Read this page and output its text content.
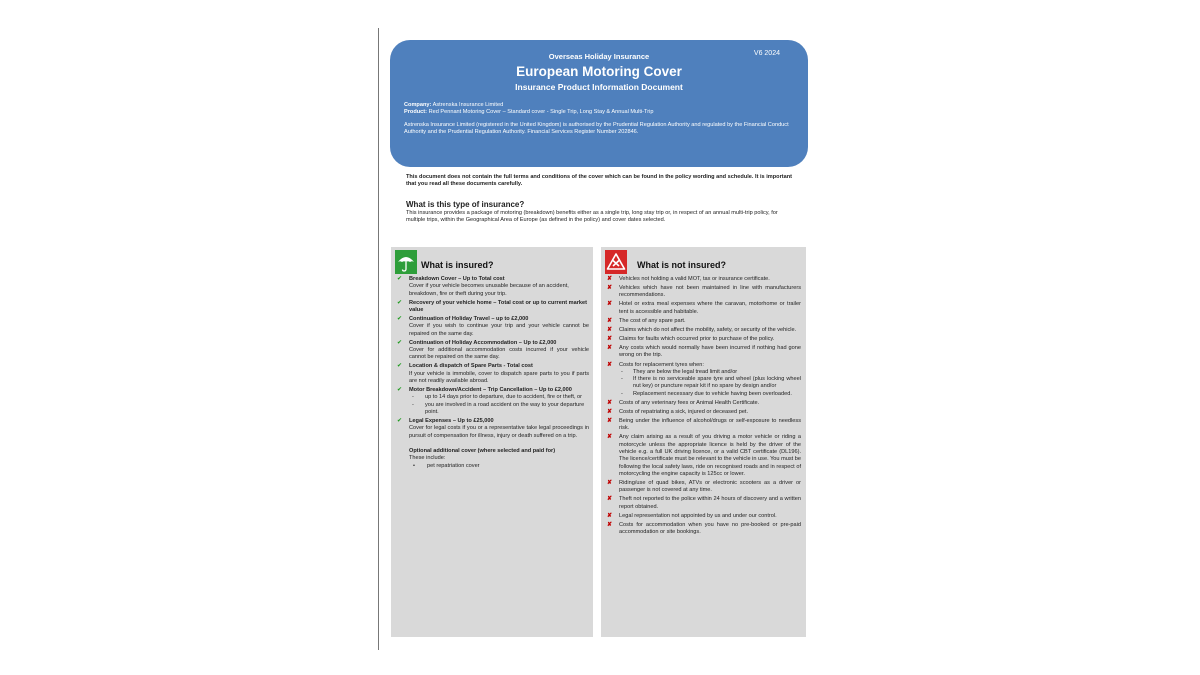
Overseas Holiday Insurance	V6 2024
European Motoring Cover
Insurance Product Information Document
Company: Astrenska Insurance Limited
Product: Red Pennant Motoring Cover – Standard cover - Single Trip, Long Stay & Annual Multi-Trip
Astrenska Insurance Limited (registered in the United Kingdom) is authorised by the Prudential Regulation Authority and regulated by the Financial Conduct Authority and the Prudential Regulation Authority. Financial Services Register Number 202846.
This document does not contain the full terms and conditions of the cover which can be found in the policy wording and schedule. It is important that you read all these documents carefully.
What is this type of insurance?
This insurance provides a package of motoring (breakdown) benefits either as a single trip, long stay trip or, in respect of an annual multi-trip policy, for multiple trips, within the Geographical Area of Europe (as defined in the policy) and cover dates selected.
What is insured?
✔ Breakdown Cover – Up to Total cost
Cover if your vehicle becomes unusable because of an accident, breakdown, fire or theft during your trip.
✔ Recovery of your vehicle home – Total cost or up to current market value
✔ Continuation of Holiday Travel – up to £2,000
Cover if you wish to continue your trip and your vehicle cannot be repaired on the same day.
✔ Continuation of Holiday Accommodation – Up to £2,000
Cover for additional accommodation costs incurred if your vehicle cannot be repaired on the same day.
✔ Location & dispatch of Spare Parts - Total cost
If your vehicle is immobile, cover to dispatch spare parts to you if parts are not readily available abroad.
✔ Motor Breakdown/Accident – Trip Cancellation – Up to £2,000
- up to 14 days prior to departure, due to accident, fire or theft, or
- you are involved in a road accident on the way to your departure point.
✔ Legal Expenses – Up to £25,000
Cover for legal costs if you or a representative take legal proceedings in pursuit of compensation for illness, injury or death suffered on a trip.
Optional additional cover (where selected and paid for)
These include:
• pet repatriation cover
What is not insured?
✘ Vehicles not holding a valid MOT, tax or insurance certificate.
✘ Vehicles which have not been maintained in line with manufacturers recommendations.
✘ Hotel or extra meal expenses where the caravan, motorhome or trailer tent is accessible and habitable.
✘ The cost of any spare part.
✘ Claims which do not affect the mobility, safety, or security of the vehicle.
✘ Claims for faults which occurred prior to purchase of the policy.
✘ Any costs which would normally have been incurred if nothing had gone wrong on the trip.
✘ Costs for replacement tyres when:
- They are below the legal tread limit and/or
- If there is no serviceable spare tyre and wheel (plus locking wheel nut key) or puncture repair kit if no spare by design and/or
- Replacement necessary due to vehicle having been overloaded.
✘ Costs of any veterinary fees or Animal Health Certificate.
✘ Costs of repatriating a sick, injured or deceased pet.
✘ Being under the influence of alcohol/drugs or self-exposure to needless risk.
✘ Any claim arising as a result of you driving a motor vehicle or riding a motorcycle unless the appropriate licence is held by the driver of the vehicle e.g. a full UK driving licence, or a valid CBT certificate (DL196). The licence/certificate must be relevant to the vehicle in use. You must be following the local safety laws, ride on recognised roads and in respect of motorcycling the engine capacity is 125cc or lower.
✘ Riding/use of quad bikes, ATVs or electronic scooters as a driver or passenger is not covered at any time.
✘ Theft not reported to the police within 24 hours of discovery and a written report obtained.
✘ Legal representation not appointed by us and under our control.
✘ Costs for accommodation when you have no pre-booked or pre-paid accommodation or site bookings.
